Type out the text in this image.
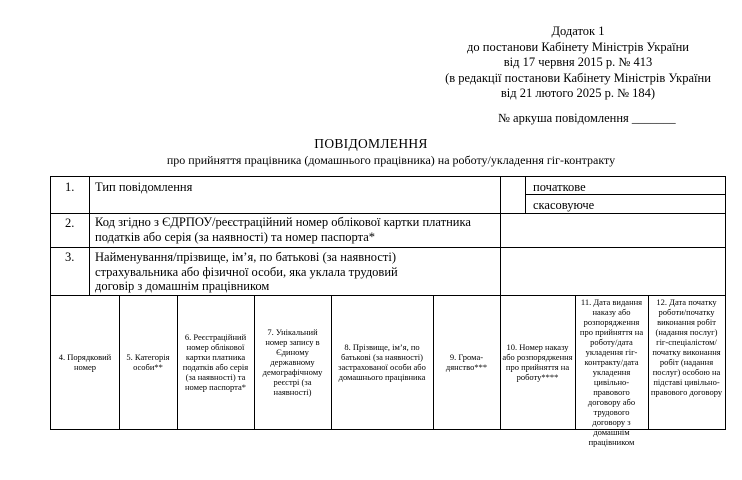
Додаток 1
до постанови Кабінету Міністрів України
від 17 червня 2015 р. № 413
(в редакції постанови Кабінету Міністрів України
від 21 лютого 2025 р. № 184)
№ аркуша повідомлення _______
ПОВІДОМЛЕННЯ
про прийняття працівника (домашнього працівника) на роботу/укладення гіг-контракту
1. Тип повідомлення	початкове
скасовуюче
2. Код згідно з ЄДРПОУ/реєстраційний номер облікової картки платника податків або серія (за наявності) та номер паспорта*
3. Найменування/прізвище, ім’я, по батькові (за наявності) страхувальника або фізичної особи, яка уклала трудовий договір з домашнім працівником
4. Порядковий номер
5. Категорія особи**
6. Реєстраційний номер облікової картки платника податків або серія (за наявності) та номер паспорта*
7. Унікальний номер запису в Єдиному державному демографічному реєстрі (за наявності)
8. Прізвище, ім’я, по батькові (за наявності) застрахованої особи або домашнього працівника
9. Грома-дянство***
10. Номер наказу або розпорядження про прийняття на роботу****
11. Дата видання наказу або розпорядження про прийняття на роботу/дата укладення гіг-контракту/дата укладення цивільно-правового договору або трудового договору з домашнім працівником
12. Дата початку роботи/початку виконання робіт (надання послуг) гіг-спеціалістом/початку виконання робіт (надання послуг) особою на підставі цивільно-правового договору
